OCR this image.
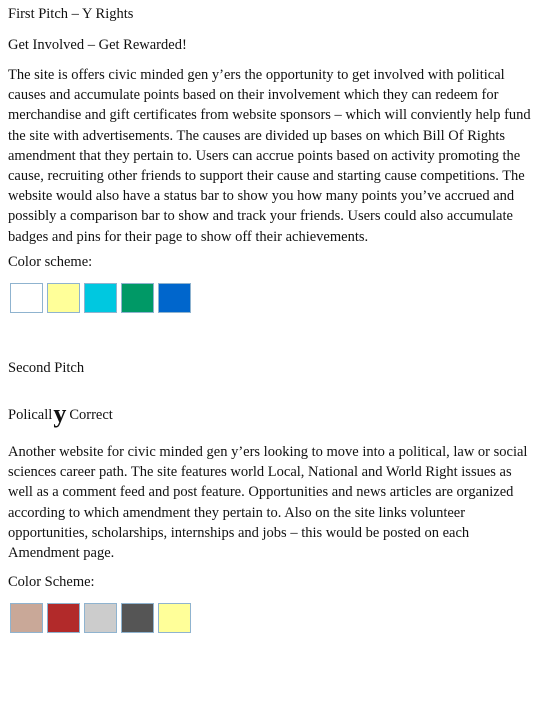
First Pitch – Y Rights
Get Involved – Get Rewarded!
The site is offers civic minded gen y’ers the opportunity to get involved with political causes and accumulate points based on their involvement which they can redeem for merchandise and gift certificates from website sponsors – which will conviently help fund the site with advertisements. The causes are divided up bases on which Bill Of Rights amendment that they pertain to. Users can accrue points based on activity promoting the cause, recruiting other friends to support their cause and starting cause competitions. The website would also have a status bar to show you how many points you’ve accrued and possibly a comparison bar to show and track your friends. Users could also accumulate badges and pins for their page to show off their achievements.
Color scheme:
Second Pitch
Polically Correct
Another website for civic minded gen y’ers looking to move into a political, law or social sciences career path. The site features world Local, National and World Right issues as well as a comment feed and post feature. Opportunities and news articles are organized according to which amendment they pertain to. Also on the site links volunteer opportunities, scholarships, internships and jobs – this would be posted on each Amendment page.
Color Scheme:
